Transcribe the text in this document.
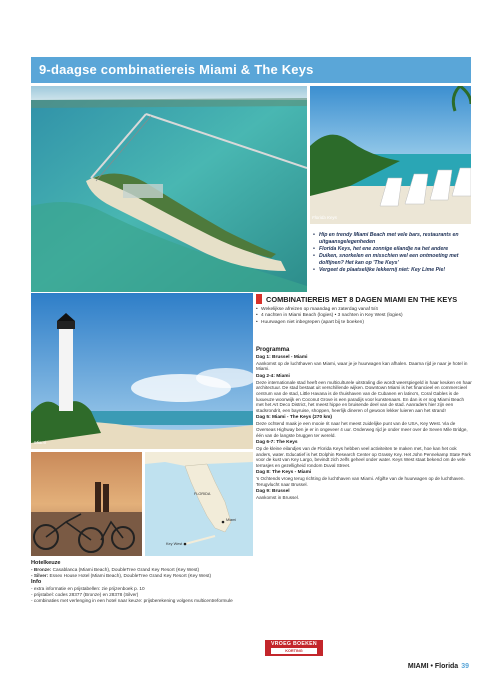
9-daagse combinatiereis Miami & The Keys
Florida Keys
• Hip en trendy Miami Beach met vele bars, restaurants en uitgaansgelegenheden
• Florida Keys, het ene zonnige eilandje na het andere
• Duiken, snorkelen en misschien wel een ontmoeting met dolfijnen? Het kan op 'The Keys'
• Vergeet de plaatselijke lekkernij niet: Key Lime Pie!
Miami
COMBINATIEREIS MET 8 DAGEN MIAMI EN THE KEYS
• Wekelijkse afreizen op maandag en zaterdag vanaf 5/4
• 4 nachten in Miami Beach (logies) • 3 nachten in Key West (logies)
• Huurwagen niet inbegrepen (apart bij te boeken)
Programma
Dag 1: Brussel - Miami
Aankomst op de luchthaven van Miami, waar je je huurwagen kan afhalen. Daarna rijd je naar je hotel in Miami.
Dag 2-4: Miami
Deze internationale stad heeft een multiculturele uitstraling die wordt weerspiegeld in haar keuken en haar architectuur. De stad bestaat uit verschillende wijken. Downtown Miami is het financieel en commercieel centrum van de stad, Little Havana is de thuishaven van de Cubanen en latino's, Coral Gables is de luxueuze woonwijk en Coconut Grove is een paradijs voor kunstenaars. En dan is er nog Miami Beach met het Art Deco District, het meest hippe en bruisende deel van de stad. Aanraders hier zijn een stadsrondrit, een bayruise, shoppen, heerlijk dineren of gewoon lekker luieren aan het strand!
Dag 5: Miami - The Keys (270 km)
Deze ochtend maak je een mooie rit naar het meest zuidelijke punt van de USA, Key West. Via de Overseas Highway ben je er in ongeveer 4 uur. Onderweg rijd je onder meer over de Seven Mile Bridge, één van de langste bruggen ter wereld.
Dag 6-7: The Keys
Op de kleine eilandjes van de Florida Keys hebben veel activiteiten te maken met, hoe kan het ook anders, water. Educatief is het Dolphin Research Center op Grassy Key. Het John Pennekamp State Park voor de kust van Key Largo, bevindt zich zelfs geheel onder water. Keys West staat bekend om de vele terrasjes en gezelligheid rondom Duval Street.
Dag 8: The Keys - Miami
's Ochtends vroeg terug richting de luchthaven van Miami. Afgifte van de huurwagen op de luchthaven. Terugvlucht naar Brussel.
Dag 9: Brussel
Aankomst in Brussel.
FLORIDA
Miami
Key West
Hotelkeuze
- Bronze: Casablanca (Miami Beach), DoubleTree Grand Key Resort (Key West)
- Silver: Essex House Hotel (Miami Beach), DoubleTree Grand Key Resort (Key West)
Info
- extra informatie en prijstabellen: zie prijzenboek p. 10
- prijstabel: codes 28377 (Bronze) en 28378 (Silver)
- combinaties met verlenging in een hotel naar keuze: prijsberekening volgens multicentreformule
VROEG BOEKEN
KORTING
MIAMI • Florida 39
